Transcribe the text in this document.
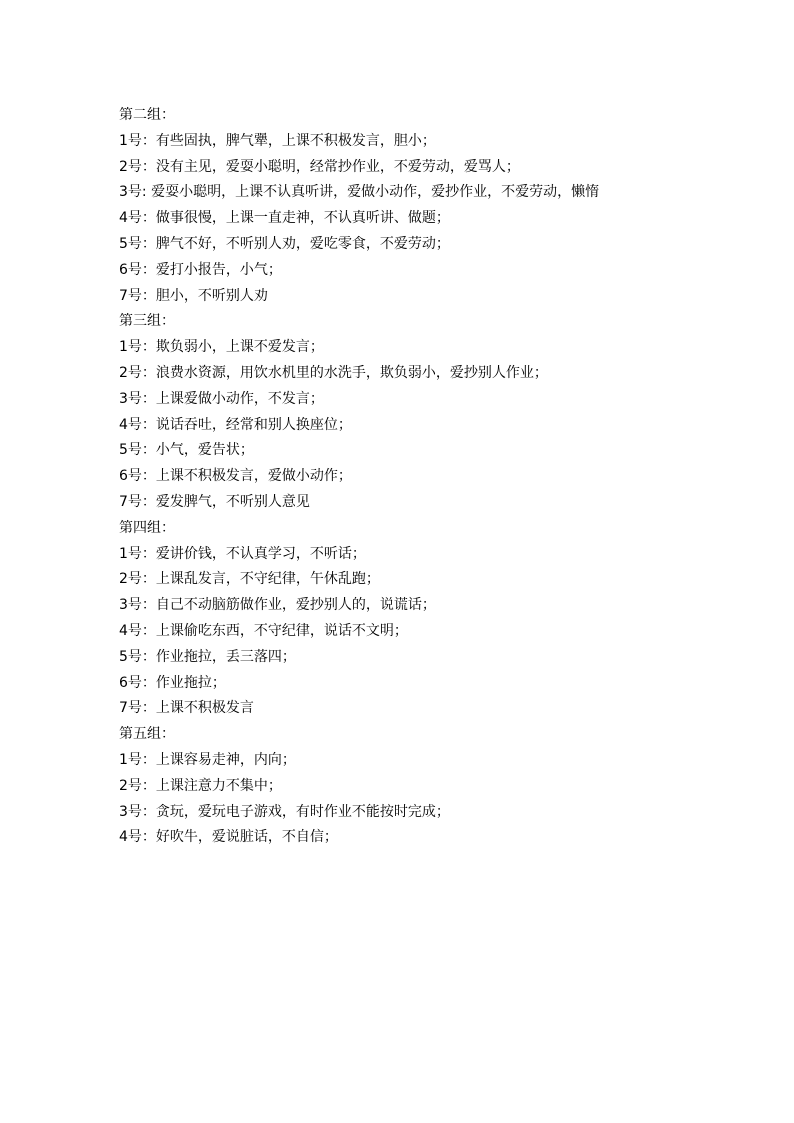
第二组：
1号：有些固执，脾气犟，上课不积极发言，胆小；
2号：没有主见，爱耍小聪明，经常抄作业，不爱劳动，爱骂人；
3号: 爱耍小聪明，上课不认真听讲，爱做小动作，爱抄作业，不爱劳动，懒惰
4号：做事很慢，上课一直走神，不认真听讲、做题；
5号：脾气不好，不听别人劝，爱吃零食，不爱劳动；
6号：爱打小报告，小气；
7号：胆小，不听别人劝
第三组：
1号：欺负弱小，上课不爱发言；
2号：浪费水资源，用饮水机里的水洗手，欺负弱小，爱抄别人作业；
3号：上课爱做小动作，不发言；
4号：说话吞吐，经常和别人换座位；
5号：小气，爱告状；
6号：上课不积极发言，爱做小动作；
7号：爱发脾气，不听别人意见
第四组：
1号：爱讲价钱，不认真学习，不听话；
2号：上课乱发言，不守纪律，午休乱跑；
3号：自己不动脑筋做作业，爱抄别人的，说谎话；
4号：上课偷吃东西，不守纪律，说话不文明；
5号：作业拖拉，丢三落四；
6号：作业拖拉；
7号：上课不积极发言
第五组：
1号：上课容易走神，内向；
2号：上课注意力不集中；
3号：贪玩，爱玩电子游戏，有时作业不能按时完成；
4号：好吹牛，爱说脏话，不自信；
